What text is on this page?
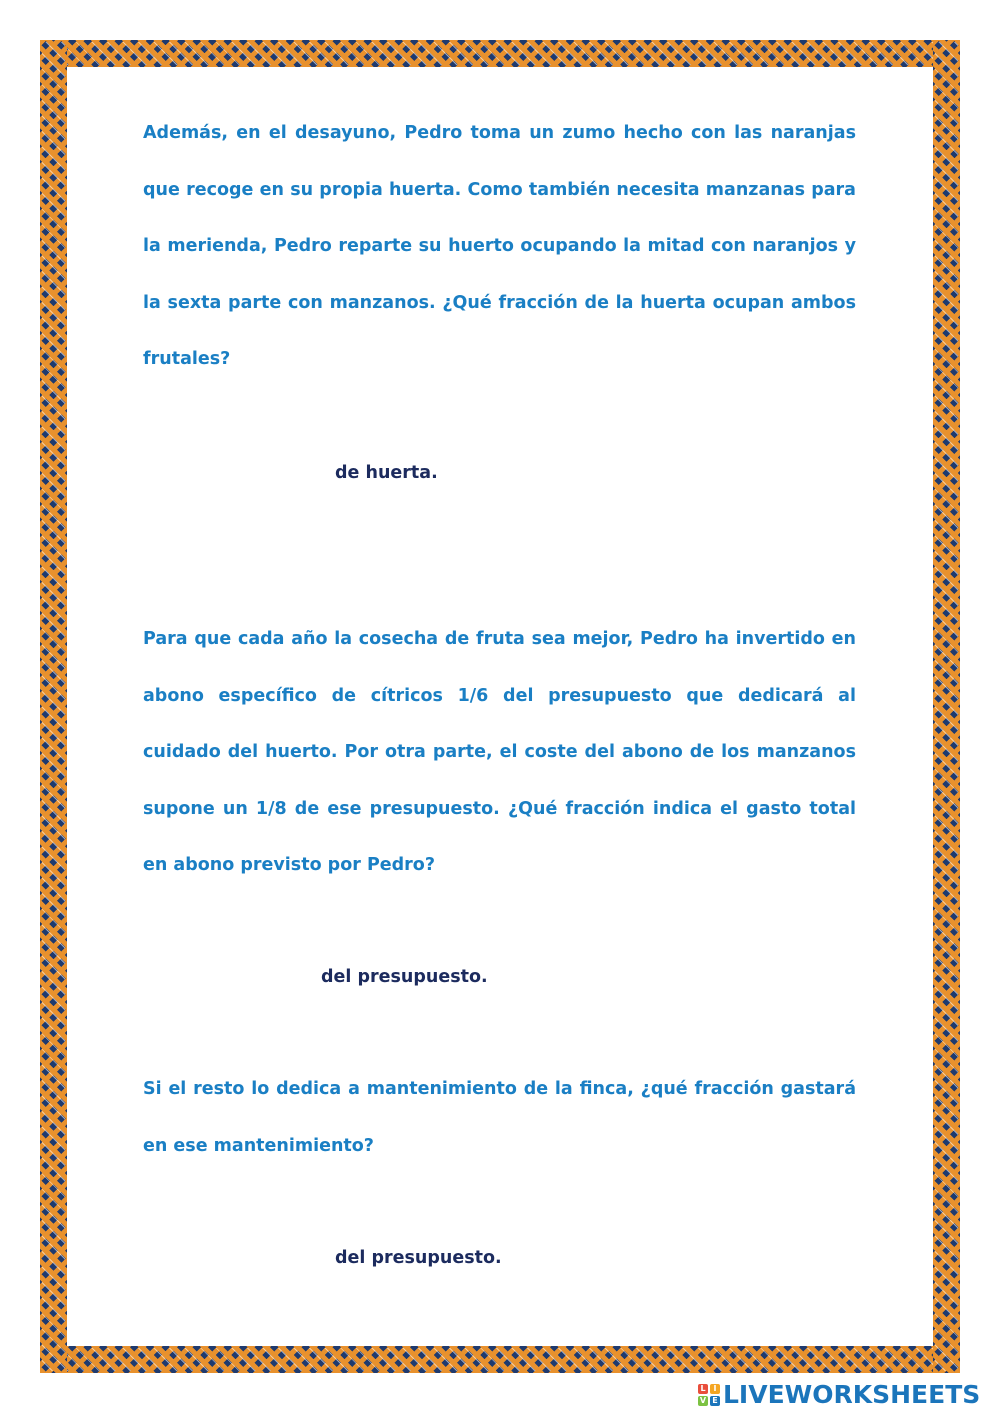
Además, en el desayuno, Pedro toma un zumo hecho con las naranjas que recoge en su propia huerta. Como también necesita manzanas para la merienda, Pedro reparte su huerto ocupando la mitad con naranjos y la sexta parte con manzanos. ¿Qué fracción de la huerta ocupan ambos frutales?

de huerta.

Para que cada año la cosecha de fruta sea mejor, Pedro ha invertido en abono específico de cítricos 1/6 del presupuesto que dedicará al cuidado del huerto. Por otra parte, el coste del abono de los manzanos supone un 1/8 de ese presupuesto. ¿Qué fracción indica el gasto total en abono previsto por Pedro?

del presupuesto.

Si el resto lo dedica a mantenimiento de la finca, ¿qué fracción gastará en ese mantenimiento?

del presupuesto.

L I
V E LIVEWORKSHEETS
